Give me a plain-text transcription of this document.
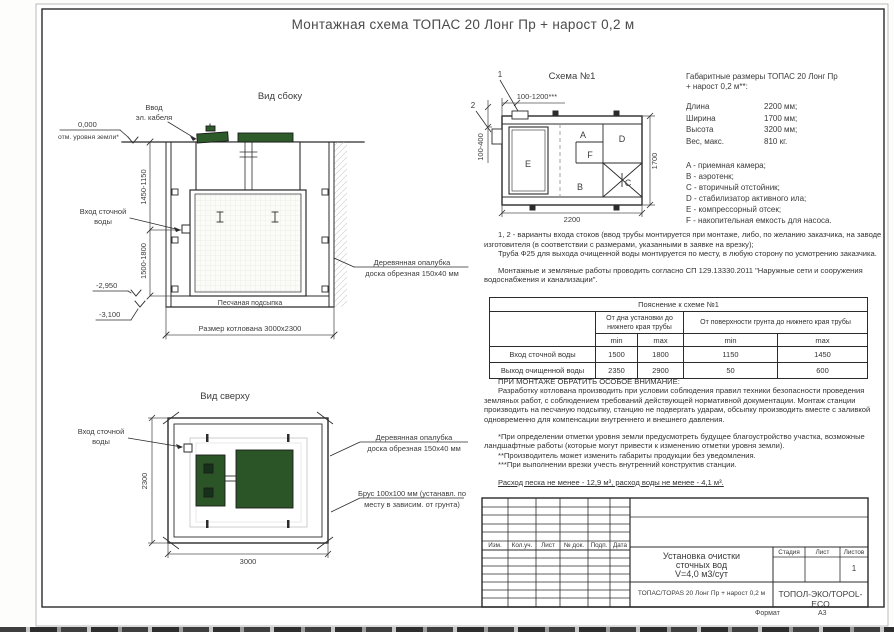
Вид сбоку
1450-1150
1500-1800
0,000
отм. уровня земли*
Ввод
эл. кабеля
Вход сточной
воды
-2,950
-3,100
Песчаная подсыпка
Размер котлована 3000х2300
Деревянная опалубка
доска обрезная 150х40 мм
Вид сверху
2300
3000
Вход сточной
воды	Деревянная опалубка
доска обрезная 150х40 мм
Брус 100х100 мм (устанавл. по
месту в зависим. от грунта)
Схема №1
A
F
D
E
B	C
1
2
100-1200***
100-400
2200
1700
Монтажная схема ТОПАС 20 Лонг Пр + нарост 0,2 м
Габаритные размеры ТОПАС 20 Лонг Пр
+ нарост 0,2 м**:
Длина	2200 мм;
Ширина	1700 мм;
Высота	3200 мм;
Вес, макс.	810 кг.
A - приемная камера;
B - аэротенк;
C - вторичный отстойник;
D - стабилизатор активного ила;
E - компрессорный отсек;
F - накопительная емкость для насоса.

1, 2 - варианты входа стоков (ввод трубы монтируется при монтаже, либо, по желанию заказчика, на заводе изготовителя (в соответствии с размерами, указанными в заявке на врезку);

Труба Ф25 для выхода очищенной воды монтируется по месту, в любую сторону по усмотрению заказчика.

Монтажные и земляные работы проводить согласно СП 129.13330.2011 "Наружные сети и сооружения водоснабжения и канализации".

Пояснение к схеме №1				
	От дна установки до нижнего края трубы		От поверхности грунта до нижнего края трубы	
	min	max	min	max
Вход сточной воды	1500	1800	1150	1450
Выход очищенной воды	2350	2900	50	600

ПРИ МОНТАЖЕ ОБРАТИТЬ ОСОБОЕ ВНИМАНИЕ:

Разработку котлована производить при условии соблюдения правил техники безопасности проведения земляных работ, с соблюдением требований действующей нормативной документации. Монтаж станции производить на песчаную подсыпку, станцию не подвергать ударам, обсыпку производить вместе с заливкой одновременно для компенсации внутреннего и внешнего давления.

*При определении отметки уровня земли предусмотреть будущее благоустройство участка, возможные ландшафтные работы (которые могут привести к изменению отметки уровня земли).

**Производитель может изменить габариты продукции без уведомления.

***При выполнении врезки учесть внутренний конструктив станции.

Расход песка не менее - 12,9 м³, расход воды не менее - 4,1 м³.

Изм.	Кол.уч.	Лист	№ док.	Подп. Дата
Установка очистки
сточных вод
V=4,0 м3/сут
ТОПАС/TOPAS 20 Лонг Пр + нарост 0,2 м
Стадия	Лист	Листов
1
ТОПОЛ-ЭКО/TOPOL-ECO
Формат	А3
